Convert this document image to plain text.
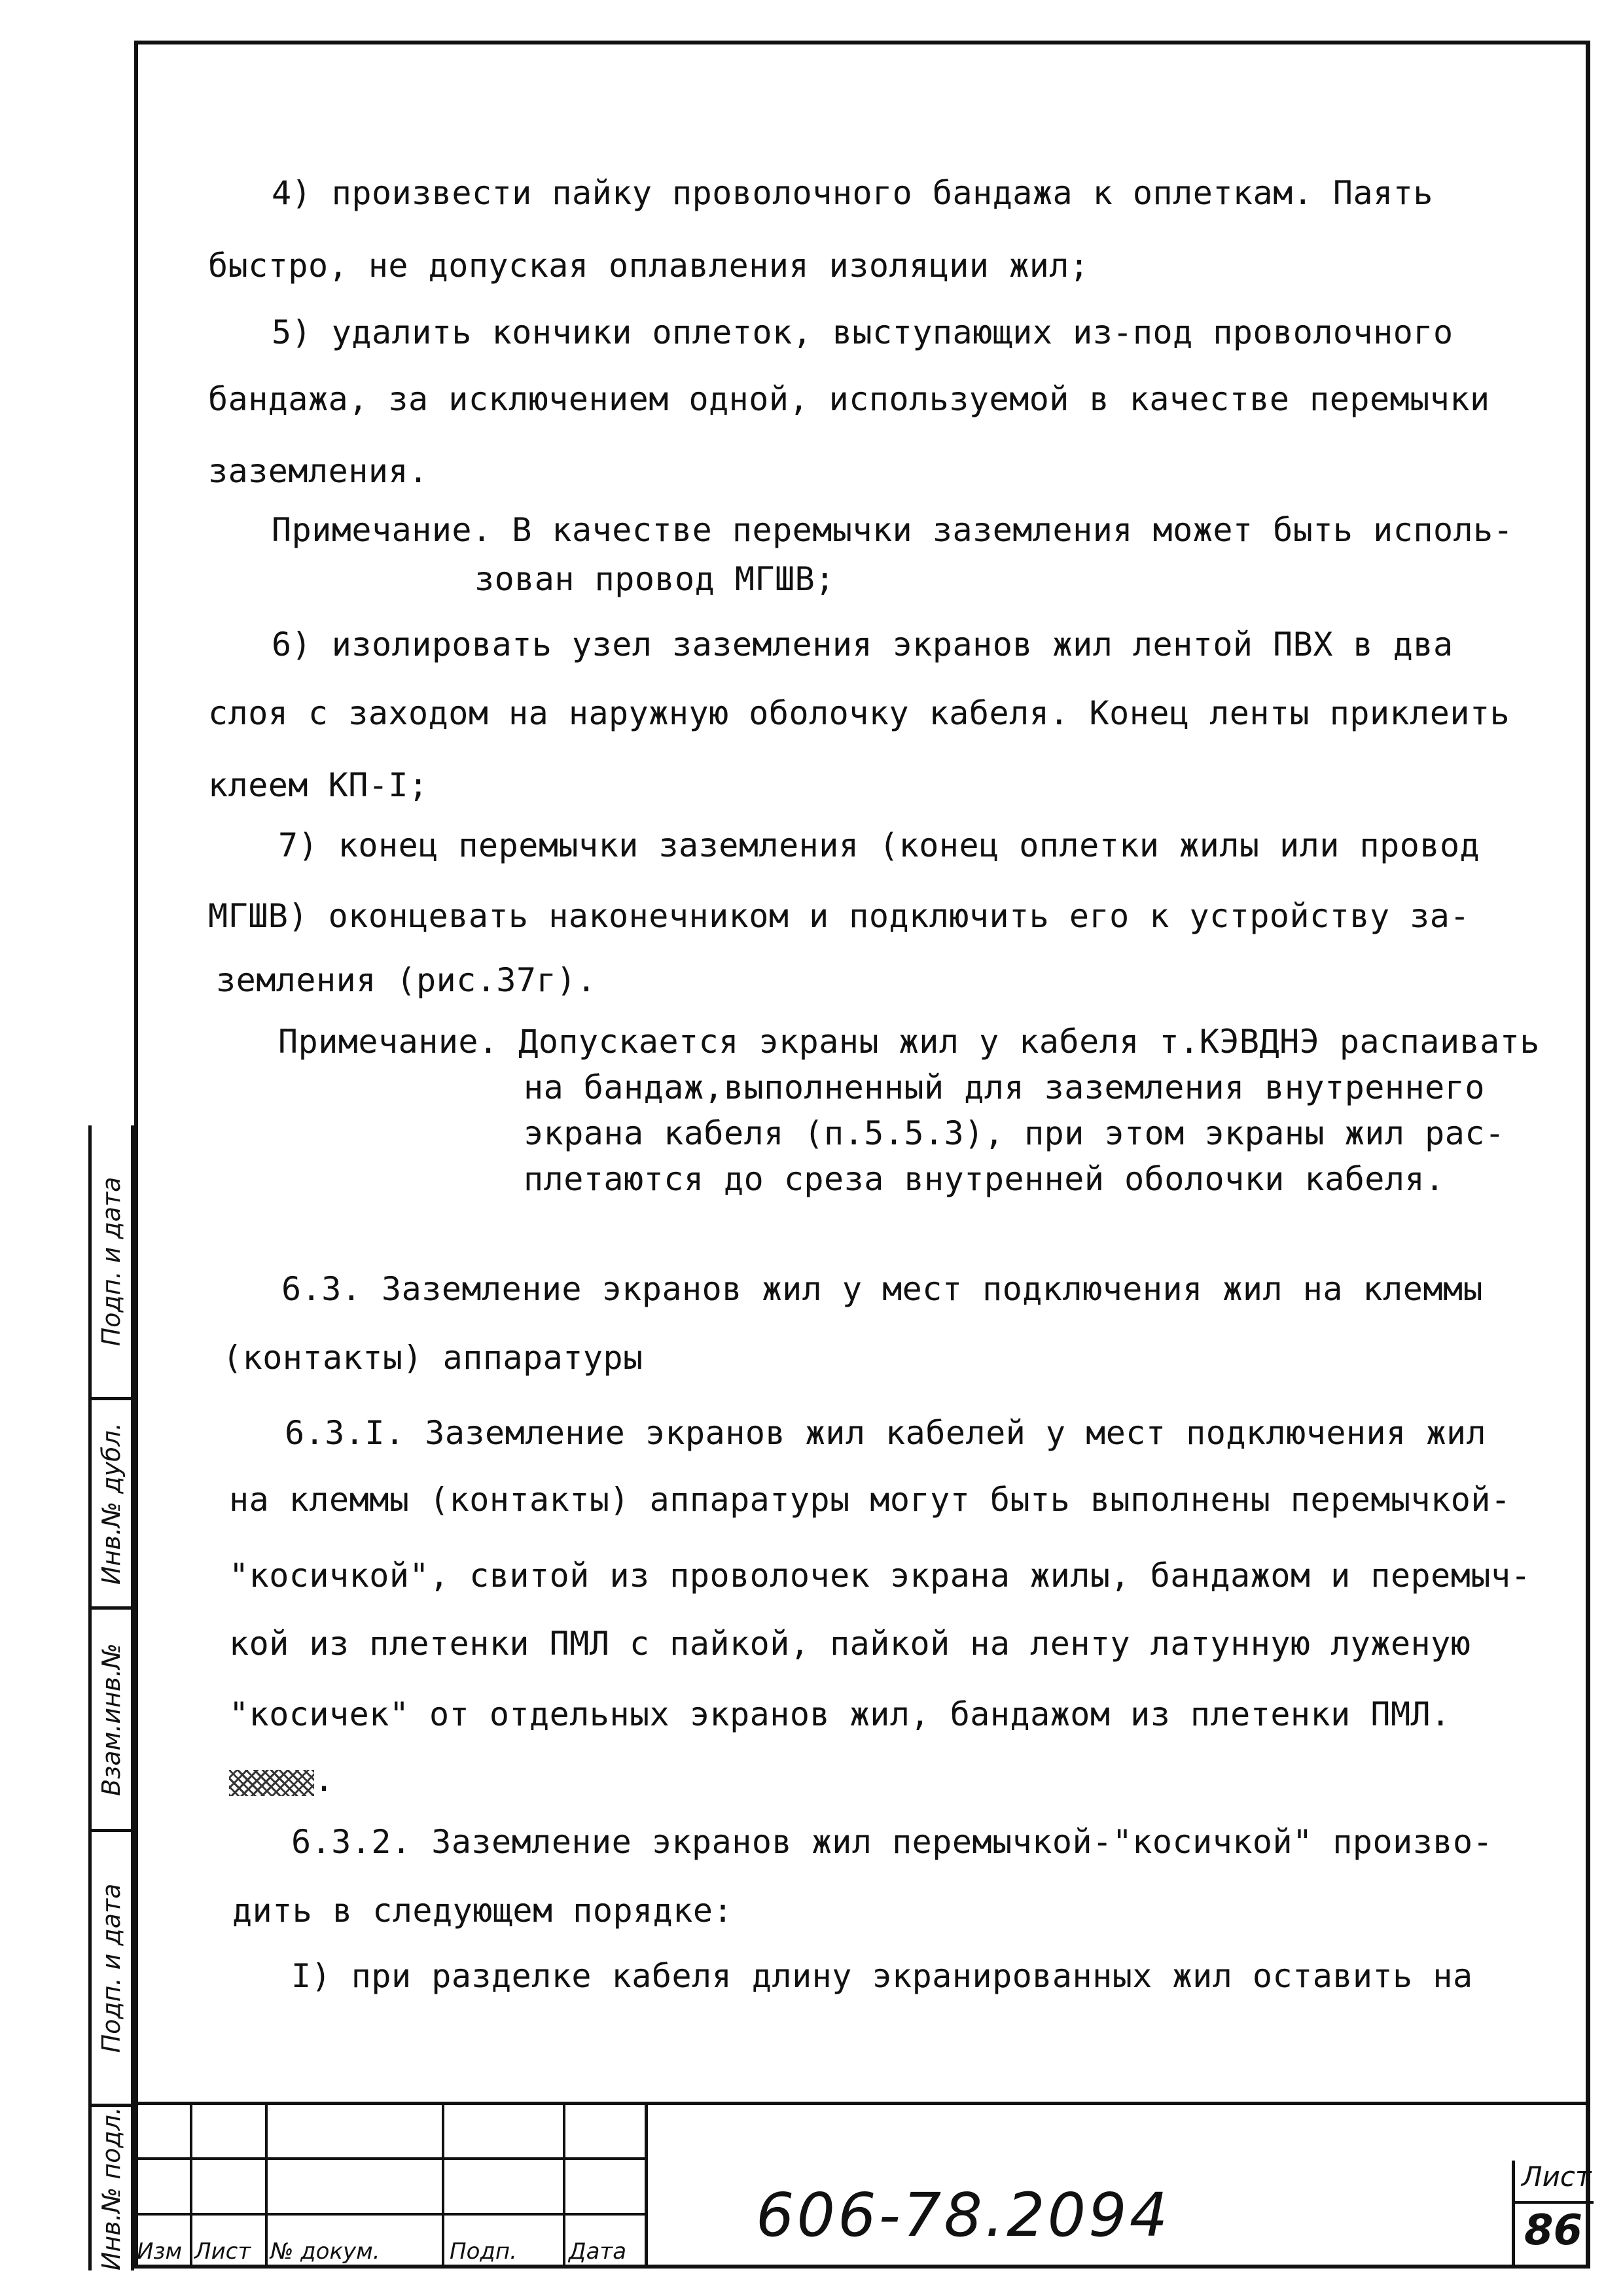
4) произвести пайку проволочного бандажа к оплеткам. Паять
быстро, не допуская оплавления изоляции жил;
5) удалить кончики оплеток, выступающих из-под проволочного
бандажа, за исключением одной, используемой в качестве перемычки
заземления.
Примечание. В качестве перемычки заземления может быть исполь-
зован провод МГШВ;
6) изолировать узел заземления экранов жил лентой ПВХ в два
слоя с заходом на наружную оболочку кабеля. Конец ленты приклеить
клеем КП-I;
7) конец перемычки заземления (конец оплетки жилы или провод
МГШВ) оконцевать наконечником и подключить его к устройству за-
земления (рис.37г).
Примечание. Допускается экраны жил у кабеля т.КЭВДНЭ распаивать
на бандаж,выполненный для заземления внутреннего
экрана кабеля (п.5.5.3), при этом экраны жил рас-
плетаются до среза внутренней оболочки кабеля.
6.3. Заземление экранов жил у мест подключения жил на клеммы
(контакты) аппаратуры
6.3.I. Заземление экранов жил кабелей у мест подключения жил
на клеммы (контакты) аппаратуры могут быть выполнены перемычкой-
"косичкой", свитой из проволочек экрана жилы, бандажом и перемыч-
кой из плетенки ПМЛ с пайкой, пайкой на ленту латунную луженую
"косичек" от отдельных экранов жил, бандажом из плетенки ПМЛ.
.
6.3.2. Заземление экранов жил перемычкой-"косичкой" произво-
дить в следующем порядке:
I) при разделке кабеля длину экранированных жил оставить на
Подп. и дата
Инв.№ дубл.
Взам.инв.№
Подп. и дата
Инв.№ подл. Изм Лист № докум.	Подп. Дата
606-78.2094
Лист
86
